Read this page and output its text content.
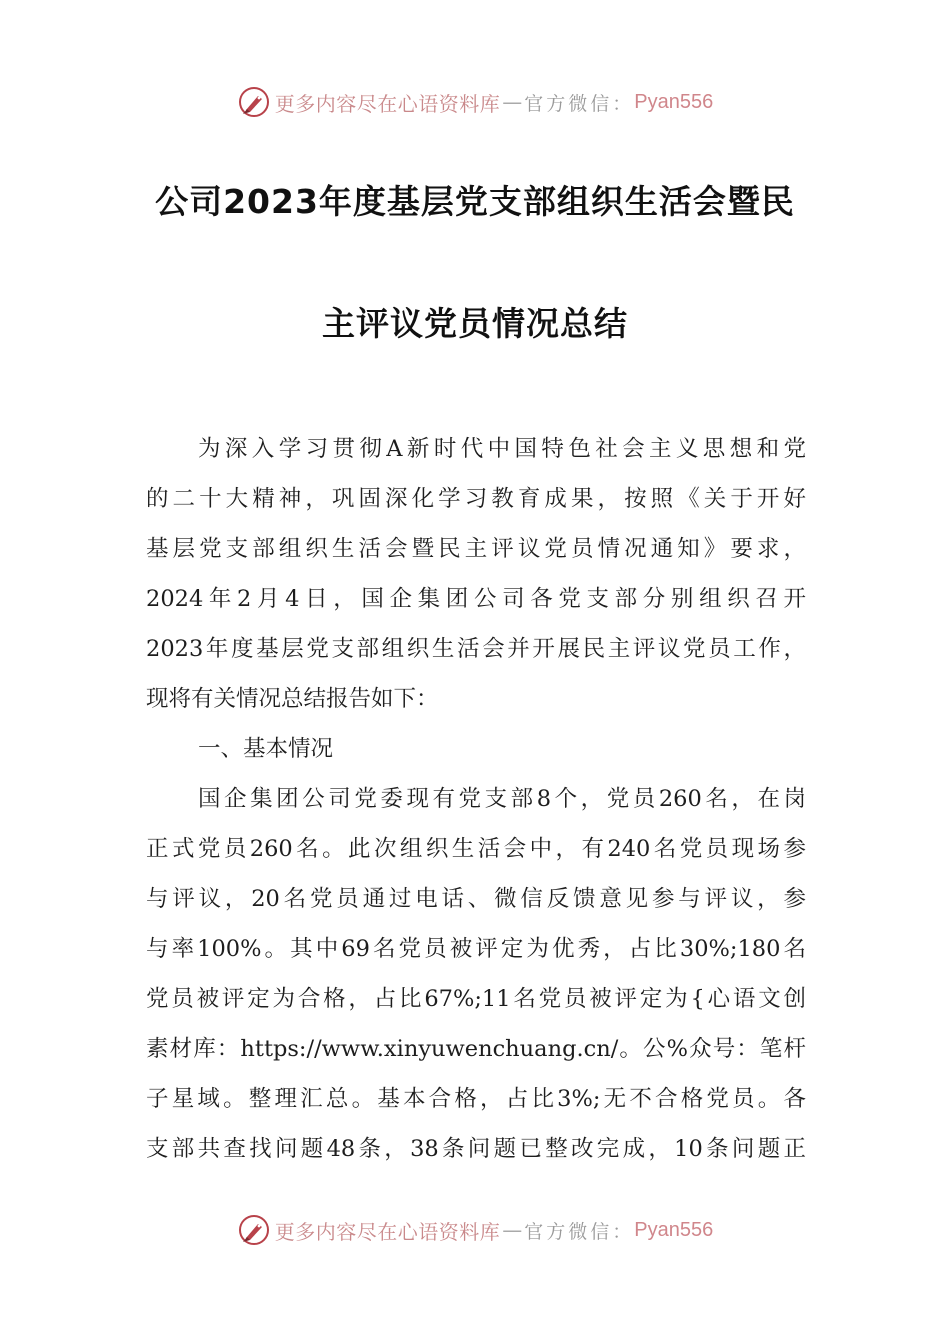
更多内容尽在心语资料库 — 官方微信： Pyan556
公司2023年度基层党支部组织生活会暨民
主评议党员情况总结
为深入学习贯彻A新时代中国特色社会主义思想和党
的二十大精神，巩固深化学习教育成果，按照《关于开好
基层党支部组织生活会暨民主评议党员情况通知》要求，
2024年2月4日，国企集团公司各党支部分别组织召开
2023年度基层党支部组织生活会并开展民主评议党员工作，
现将有关情况总结报告如下：
一、基本情况
国企集团公司党委现有党支部8个，党员260名，在岗
正式党员260名。此次组织生活会中，有240名党员现场参
与评议，20名党员通过电话、微信反馈意见参与评议，参
与率100%。其中69名党员被评定为优秀，占比30%;180名
党员被评定为合格，占比67%;11名党员被评定为{心语文创
素材库：https://www.xinyuwenchuang.cn/。公%众号：笔杆
子星域。整理汇总。基本合格，占比3%;无不合格党员。各
支部共查找问题48条，38条问题已整改完成，10条问题正
更多内容尽在心语资料库 — 官方微信： Pyan556
